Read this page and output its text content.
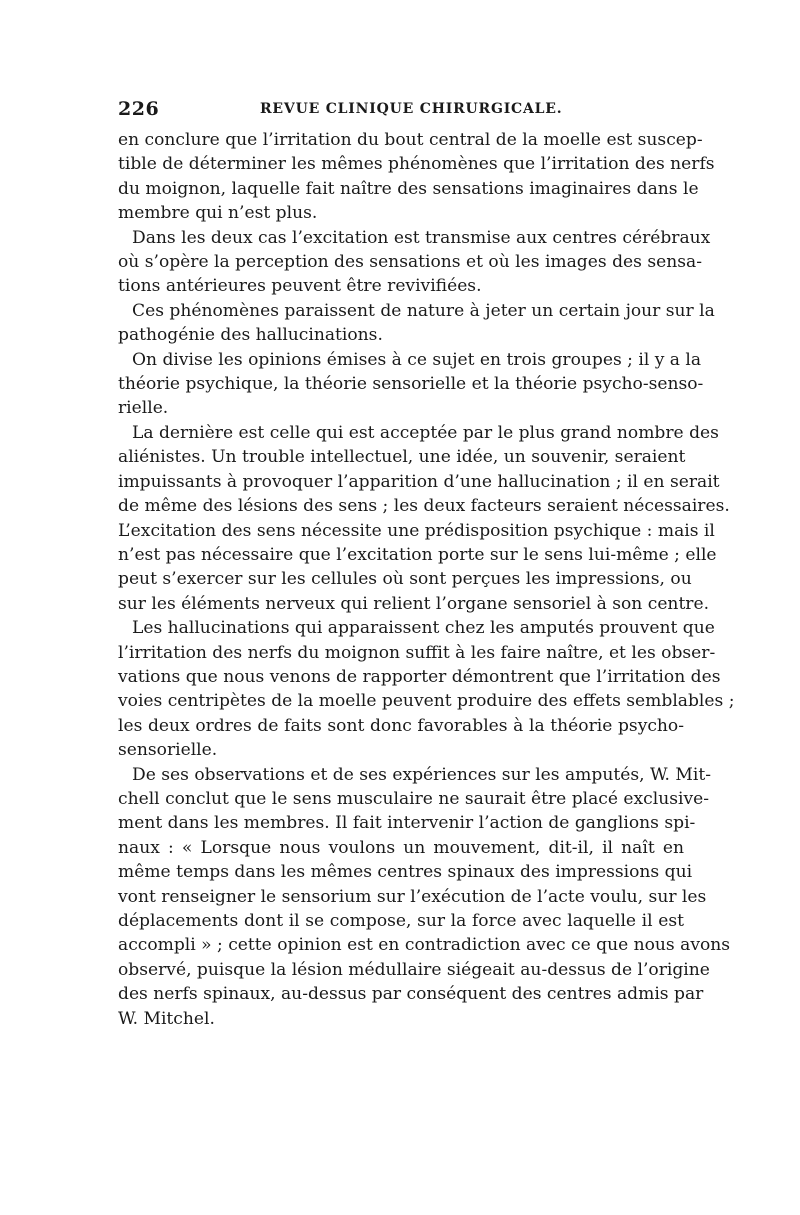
226	REVUE CLINIQUE CHIRURGICALE.
en conclure que l’irritation du bout central de la moelle est suscep-
tible de déterminer les mêmes phénomènes que l’irritation des nerfs
du moignon, laquelle fait naître des sensations imaginaires dans le
membre qui n’est plus.
Dans les deux cas l’excitation est transmise aux centres cérébraux
où s’opère la perception des sensations et où les images des sensa-
tions antérieures peuvent être revivifiées.
Ces phénomènes paraissent de nature à jeter un certain jour sur la
pathogénie des hallucinations.
On divise les opinions émises à ce sujet en trois groupes ; il y a la
théorie psychique, la théorie sensorielle et la théorie psycho-senso-
rielle.
La dernière est celle qui est acceptée par le plus grand nombre des
aliénistes. Un trouble intellectuel, une idée, un souvenir, seraient
impuissants à provoquer l’apparition d’une hallucination ; il en serait
de même des lésions des sens ; les deux facteurs seraient nécessaires.
L’excitation des sens nécessite une prédisposition psychique : mais il
n’est pas nécessaire que l’excitation porte sur le sens lui-même ; elle
peut s’exercer sur les cellules où sont perçues les impressions, ou
sur les éléments nerveux qui relient l’organe sensoriel à son centre.
Les hallucinations qui apparaissent chez les amputés prouvent que
l’irritation des nerfs du moignon suffit à les faire naître, et les obser-
vations que nous venons de rapporter démontrent que l’irritation des
voies centripètes de la moelle peuvent produire des effets semblables ;
les deux ordres de faits sont donc favorables à la théorie psycho-
sensorielle.
De ses observations et de ses expériences sur les amputés, W. Mit-
chell conclut que le sens musculaire ne saurait être placé exclusive-
ment dans les membres. Il fait intervenir l’action de ganglions spi-
naux : « Lorsque nous voulons un mouvement, dit-il, il naît en
même temps dans les mêmes centres spinaux des impressions qui
vont renseigner le sensorium sur l’exécution de l’acte voulu, sur les
déplacements dont il se compose, sur la force avec laquelle il est
accompli » ; cette opinion est en contradiction avec ce que nous avons
observé, puisque la lésion médullaire siégeait au-dessus de l’origine
des nerfs spinaux, au-dessus par conséquent des centres admis par
W. Mitchel.
